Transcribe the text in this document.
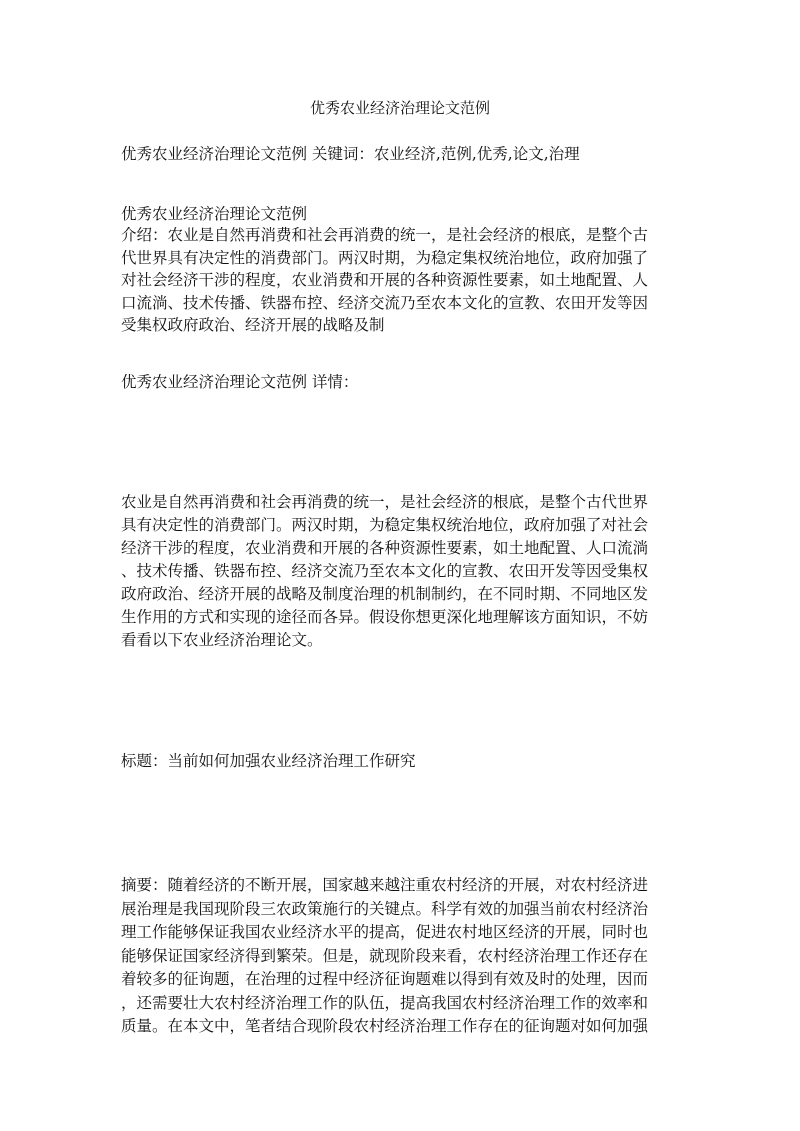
优秀农业经济治理论文范例

优秀农业经济治理论文范例 关键词：农业经济,范例,优秀,论文,治理

优秀农业经济治理论文范例

介绍：农业是自然再消费和社会再消费的统一，是社会经济的根底，是整个古
代世界具有决定性的消费部门。两汉时期，为稳定集权统治地位，政府加强了
对社会经济干涉的程度，农业消费和开展的各种资源性要素，如土地配置、人
口流淌、技术传播、铁器布控、经济交流乃至农本文化的宣教、农田开发等因
受集权政府政治、经济开展的战略及制

优秀农业经济治理论文范例 详情：

农业是自然再消费和社会再消费的统一，是社会经济的根底，是整个古代世界
具有决定性的消费部门。两汉时期，为稳定集权统治地位，政府加强了对社会
经济干涉的程度，农业消费和开展的各种资源性要素，如土地配置、人口流淌
、技术传播、铁器布控、经济交流乃至农本文化的宣教、农田开发等因受集权
政府政治、经济开展的战略及制度治理的机制制约，在不同时期、不同地区发
生作用的方式和实现的途径而各异。假设你想更深化地理解该方面知识，不妨
看看以下农业经济治理论文。

标题：当前如何加强农业经济治理工作研究

摘要：随着经济的不断开展，国家越来越注重农村经济的开展，对农村经济进
展治理是我国现阶段三农政策施行的关键点。科学有效的加强当前农村经济治
理工作能够保证我国农业经济水平的提高，促进农村地区经济的开展，同时也
能够保证国家经济得到繁荣。但是，就现阶段来看，农村经济治理工作还存在
着较多的征询题，在治理的过程中经济征询题难以得到有效及时的处理，因而
，还需要壮大农村经济治理工作的队伍，提高我国农村经济治理工作的效率和
质量。在本文中，笔者结合现阶段农村经济治理工作存在的征询题对如何加强
